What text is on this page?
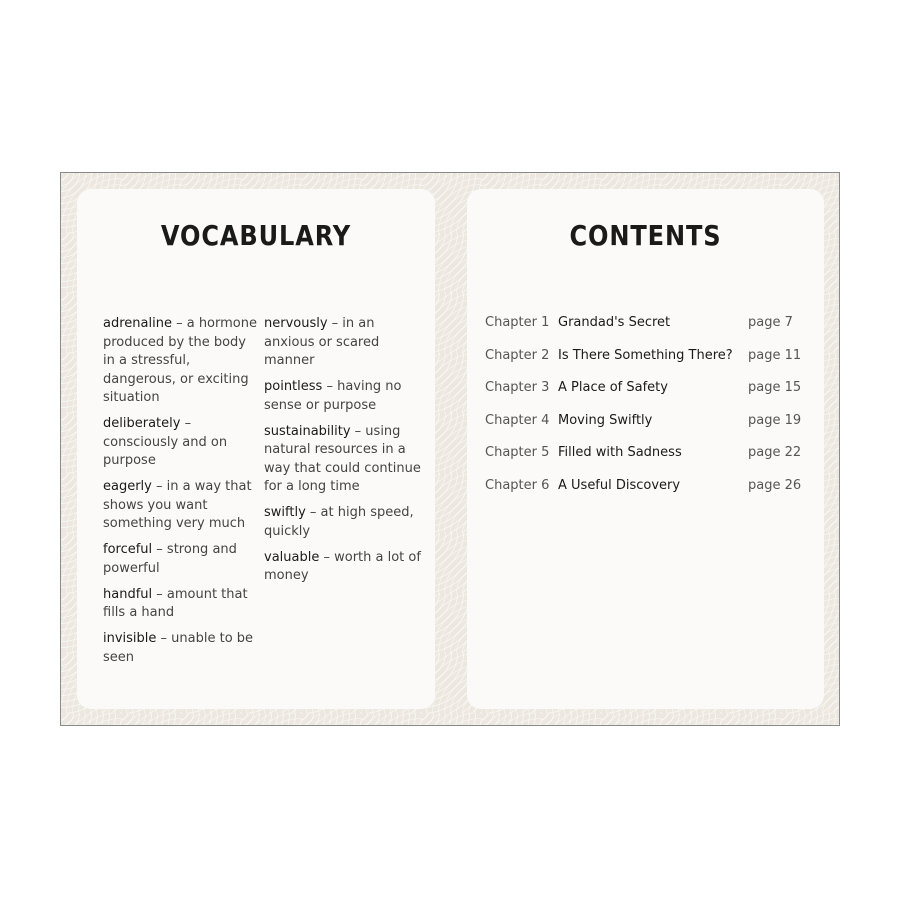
VOCABULARY
adrenaline – a hormone produced by the body in a stressful, dangerous, or exciting situation
deliberately – consciously and on purpose
eagerly – in a way that shows you want something very much
forceful – strong and powerful
handful – amount that fills a hand
invisible – unable to be seen
nervously – in an anxious or scared manner
pointless – having no sense or purpose
sustainability – using natural resources in a way that could continue for a long time
swiftly – at high speed, quickly
valuable – worth a lot of money
CONTENTS
Chapter 1 Grandad's Secret	page 7
Chapter 2 Is There Something There? page 11
Chapter 3 A Place of Safety	page 15
Chapter 4 Moving Swiftly	page 19
Chapter 5 Filled with Sadness	page 22
Chapter 6 A Useful Discovery	page 26
